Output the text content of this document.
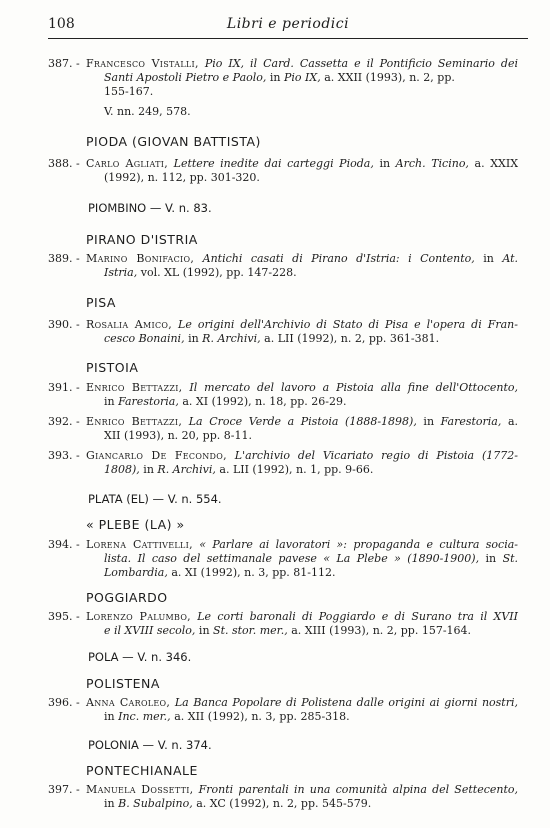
108	Libri e periodici
387. - Francesco Vistalli, Pio IX, il Card. Cassetta e il Pontificio Seminario dei
Santi Apostoli Pietro e Paolo, in Pio IX, a. XXII (1993), n. 2, pp.
155-167.
V. nn. 249, 578.
PIODA (GIOVAN BATTISTA)
388. - Carlo Agliati, Lettere inedite dai carteggi Pioda, in Arch. Ticino, a. XXIX
(1992), n. 112, pp. 301-320.
PIOMBINO — V. n. 83.
PIRANO D'ISTRIA
389. - Marino Bonifacio, Antichi casati di Pirano d'Istria: i Contento, in At.
Istria, vol. XL (1992), pp. 147-228.
PISA
390. - Rosalia Amico, Le origini dell'Archivio di Stato di Pisa e l'opera di Fran-
cesco Bonaini, in R. Archivi, a. LII (1992), n. 2, pp. 361-381.
PISTOIA
391. - Enrico Bettazzi, Il mercato del lavoro a Pistoia alla fine dell'Ottocento,
in Farestoria, a. XI (1992), n. 18, pp. 26-29.
392. - Enrico Bettazzi, La Croce Verde a Pistoia (1888-1898), in Farestoria, a.
XII (1993), n. 20, pp. 8-11.
393. - Giancarlo De Fecondo, L'archivio del Vicariato regio di Pistoia (1772-
1808), in R. Archivi, a. LII (1992), n. 1, pp. 9-66.
PLATA (EL) — V. n. 554.
« PLEBE (LA) »
394. - Lorena Cattivelli, « Parlare ai lavoratori »: propaganda e cultura socia-
lista. Il caso del settimanale pavese « La Plebe » (1890-1900), in St.
Lombardia, a. XI (1992), n. 3, pp. 81-112.
POGGIARDO
395. - Lorenzo Palumbo, Le corti baronali di Poggiardo e di Surano tra il XVII
e il XVIII secolo, in St. stor. mer., a. XIII (1993), n. 2, pp. 157-164.
POLA — V. n. 346.
POLISTENA
396. - Anna Caroleo, La Banca Popolare di Polistena dalle origini ai giorni nostri,
in Inc. mer., a. XII (1992), n. 3, pp. 285-318.
POLONIA — V. n. 374.
PONTECHIANALE
397. - Manuela Dossetti, Fronti parentali in una comunità alpina del Settecento,
in B. Subalpino, a. XC (1992), n. 2, pp. 545-579.
